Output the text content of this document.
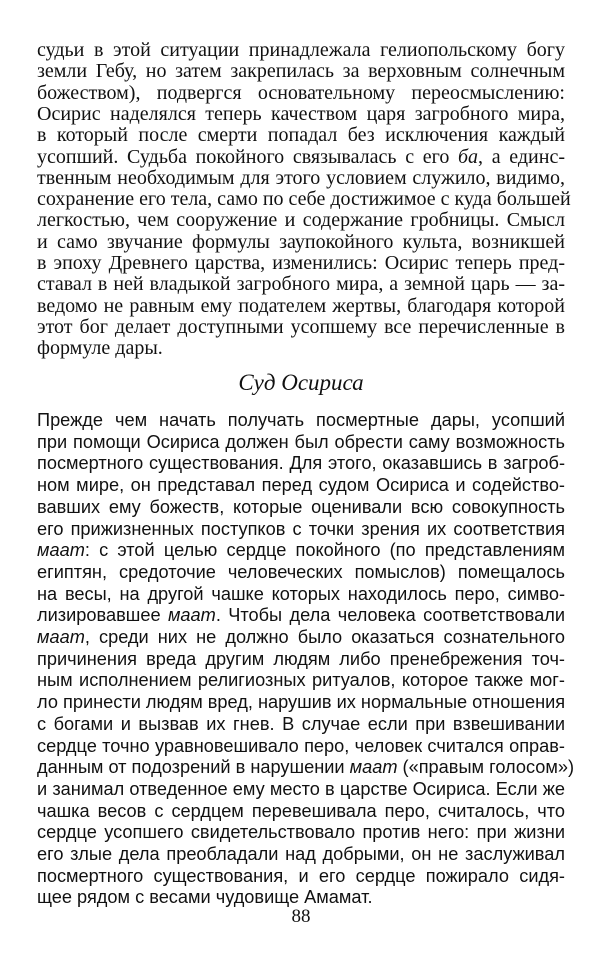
Суд Осириса
88
судьи в этой ситуации принадлежала гелиопольскому богу
земли Гебу, но затем закрепилась за верховным солнечным
божеством), подвергся основательному переосмыслению:
Осирис наделялся теперь качеством царя загробного мира,
в который после смерти попадал без исключения каждый
усопший. Судьба покойного связывалась с его ба, а единс-
твенным необходимым для этого условием служило, видимо,
сохранение его тела, само по себе достижимое с куда большей
легкостью, чем сооружение и содержание гробницы. Смысл
и само звучание формулы заупокойного культа, возникшей
в эпоху Древнего царства, изменились: Осирис теперь пред-
ставал в ней владыкой загробного мира, а земной царь — за-
ведомо не равным ему подателем жертвы, благодаря которой
этот бог делает доступными усопшему все перечисленные в
формуле дары.
Прежде чем начать получать посмертные дары, усопший
при помощи Осириса должен был обрести саму возможность
посмертного существования. Для этого, оказавшись в загроб-
ном мире, он представал перед судом Осириса и содейство-
вавших ему божеств, которые оценивали всю совокупность
его прижизненных поступков с точки зрения их соответствия
маат: с этой целью сердце покойного (по представлениям
египтян, средоточие человеческих помыслов) помещалось
на весы, на другой чашке которых находилось перо, симво-
лизировавшее маат. Чтобы дела человека соответствовали
маат, среди них не должно было оказаться сознательного
причинения вреда другим людям либо пренебрежения точ-
ным исполнением религиозных ритуалов, которое также мог-
ло принести людям вред, нарушив их нормальные отношения
с богами и вызвав их гнев. В случае если при взвешивании
сердце точно уравновешивало перо, человек считался оправ-
данным от подозрений в нарушении маат («правым голосом»)
и занимал отведенное ему место в царстве Осириса. Если же
чашка весов с сердцем перевешивала перо, считалось, что
сердце усопшего свидетельствовало против него: при жизни
его злые дела преобладали над добрыми, он не заслуживал
посмертного существования, и его сердце пожирало сидя-
щее рядом с весами чудовище Амамат.
